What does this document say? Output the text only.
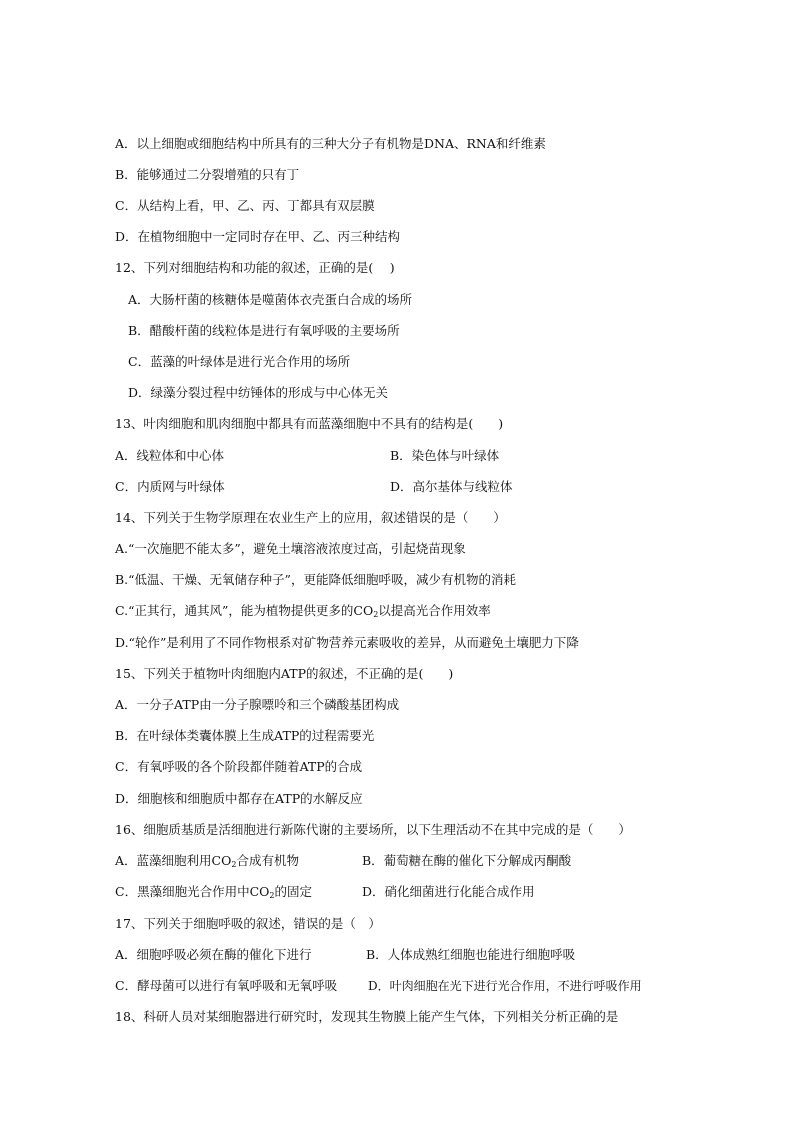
A．以上细胞或细胞结构中所具有的三种大分子有机物是DNA、RNA和纤维素
B．能够通过二分裂增殖的只有丁
C．从结构上看，甲、乙、丙、丁都具有双层膜
D．在植物细胞中一定同时存在甲、乙、丙三种结构
12、下列对细胞结构和功能的叙述，正确的是(　 )
A．大肠杆菌的核糖体是噬菌体衣壳蛋白合成的场所
B．醋酸杆菌的线粒体是进行有氧呼吸的主要场所
C．蓝藻的叶绿体是进行光合作用的场所
D．绿藻分裂过程中纺锤体的形成与中心体无关
13、叶肉细胞和肌肉细胞中都具有而蓝藻细胞中不具有的结构是(　　)
A．线粒体和中心体	B．染色体与叶绿体
C．内质网与叶绿体	D．高尔基体与线粒体
14、下列关于生物学原理在农业生产上的应用，叙述错误的是（　　）
A.“一次施肥不能太多”，避免土壤溶液浓度过高，引起烧苗现象
B.“低温、干燥、无氧储存种子”，更能降低细胞呼吸，减少有机物的消耗
C.“正其行，通其风”，能为植物提供更多的$CO_2$以提高光合作用效率
D.“轮作”是利用了不同作物根系对矿物营养元素吸收的差异，从而避免土壤肥力下降
15、下列关于植物叶肉细胞内ATP的叙述，不正确的是(　　)
A．一分子ATP由一分子腺嘌呤和三个磷酸基团构成
B．在叶绿体类囊体膜上生成ATP的过程需要光
C．有氧呼吸的各个阶段都伴随着ATP的合成
D．细胞核和细胞质中都存在ATP的水解反应
16、细胞质基质是活细胞进行新陈代谢的主要场所，以下生理活动不在其中完成的是（　　）
A．蓝藻细胞利用$CO_2$合成有机物	B．葡萄糖在酶的催化下分解成丙酮酸
C．黑藻细胞光合作用中$CO_2$的固定	D．硝化细菌进行化能合成作用
17、下列关于细胞呼吸的叙述，错误的是（　）
A．细胞呼吸必须在酶的催化下进行	B．人体成熟红细胞也能进行细胞呼吸
C．酵母菌可以进行有氧呼吸和无氧呼吸	D．叶肉细胞在光下进行光合作用，不进行呼吸作用
18、科研人员对某细胞器进行研究时，发现其生物膜上能产生气体，下列相关分析正确的是
